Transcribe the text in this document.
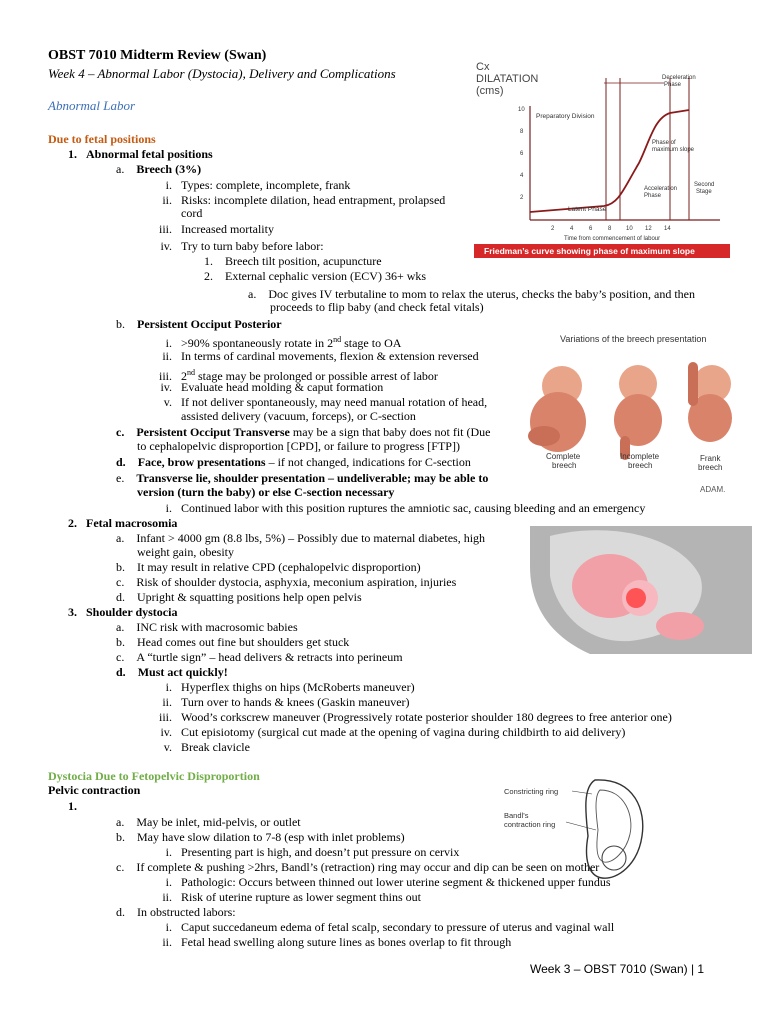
OBST 7010 Midterm Review (Swan)
Week 4 – Abnormal Labor (Dystocia), Delivery and Complications
Abnormal Labor
Due to fetal positions
1. Abnormal fetal positions
a. Breech (3%)
i. Types: complete, incomplete, frank
ii. Risks: incomplete dilation, head entrapment, prolapsed
cord
iii. Increased mortality
iv. Try to turn baby before labor:
1. Breech tilt position, acupuncture
2. External cephalic version (ECV) 36+ wks
a. Doc gives IV terbutaline to mom to relax the uterus, checks the baby’s position, and then
proceeds to flip baby (and check fetal vitals)
b. Persistent Occiput Posterior
i. >90% spontaneously rotate in 2nd stage to OA
ii. In terms of cardinal movements, flexion & extension reversed
iii. 2nd stage may be prolonged or possible arrest of labor
iv. Evaluate head molding & caput formation
v. If not deliver spontaneously, may need manual rotation of head,
assisted delivery (vacuum, forceps), or C-section
c. Persistent Occiput Transverse may be a sign that baby does not fit (Due
to cephalopelvic disproportion [CPD], or failure to progress [FTP])
d. Face, brow presentations – if not changed, indications for C-section
e. Transverse lie, shoulder presentation – undeliverable; may be able to
version (turn the baby) or else C-section necessary
i. Continued labor with this position ruptures the amniotic sac, causing bleeding and an emergency
2. Fetal macrosomia
a. Infant > 4000 gm (8.8 lbs, 5%) – Possibly due to maternal diabetes, high
weight gain, obesity
b. It may result in relative CPD (cephalopelvic disproportion)
c. Risk of shoulder dystocia, asphyxia, meconium aspiration, injuries
d. Upright & squatting positions help open pelvis
3. Shoulder dystocia
a. INC risk with macrosomic babies
b. Head comes out fine but shoulders get stuck
c. A “turtle sign” – head delivers & retracts into perineum
d. Must act quickly!
i. Hyperflex thighs on hips (McRoberts maneuver)
ii. Turn over to hands & knees (Gaskin maneuver)
iii. Wood’s corkscrew maneuver (Progressively rotate posterior shoulder 180 degrees to free anterior one)
iv. Cut episiotomy (surgical cut made at the opening of vagina during childbirth to aid delivery)
v. Break clavicle
Dystocia Due to Fetopelvic Disproportion
Pelvic contraction
1.
a. May be inlet, mid-pelvis, or outlet
b. May have slow dilation to 7-8 (esp with inlet problems)
i. Presenting part is high, and doesn’t put pressure on cervix
c. If complete & pushing >2hrs, Bandl’s (retraction) ring may occur and dip can be seen on mother
i. Pathologic: Occurs between thinned out lower uterine segment & thickened upper fundus
ii. Risk of uterine rupture as lower segment thins out
d. In obstructed labors:
i. Caput succedaneum edema of fetal scalp, secondary to pressure of uterus and vaginal wall
ii. Fetal head swelling along suture lines as bones overlap to fit through
Cx
DILATATION
(cms)
10
8
6
4
2
Deceleration
Phase
Preparatory Division
Phase of
maximum slope
Acceleration
Phase
Second
Stage
Latent Phase
2	4	6	8 10 12 14
Time from commencement of labour
Friedman’s curve showing phase of maximum slope
Variations of the breech presentation
Complete
breech
Incomplete
breech
Frank
breech
ADAM.
Constricting ring
Bandl’s
contraction ring
Week 3 – OBST 7010 (Swan) | 1
